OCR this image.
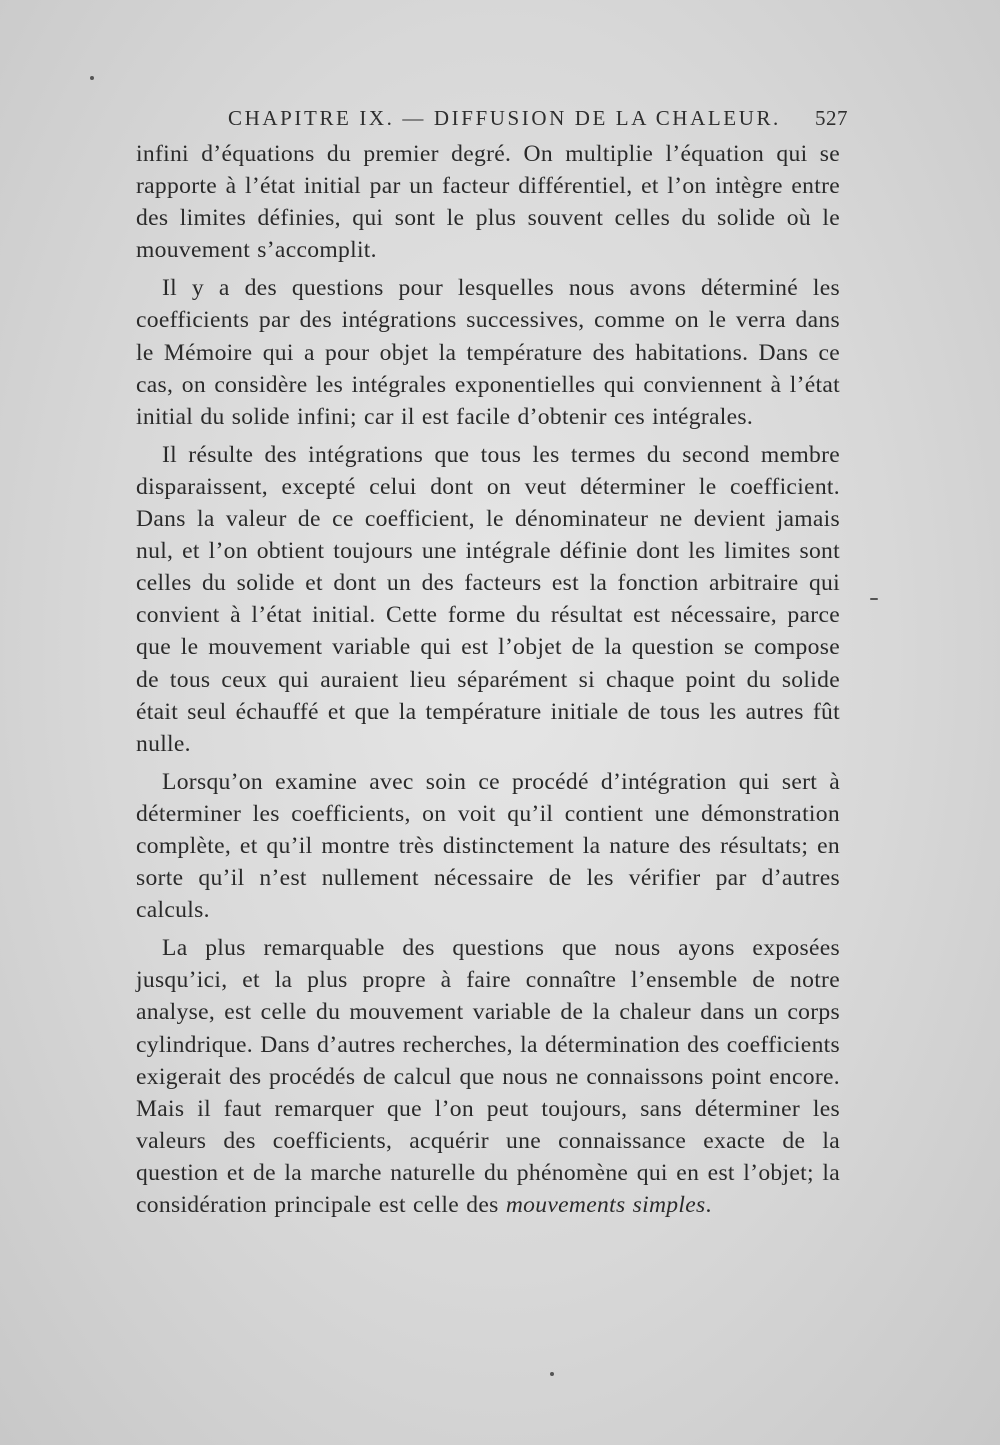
CHAPITRE IX. — DIFFUSION DE LA CHALEUR. 527

infini d’équations du premier degré. On multiplie l’équation qui se rapporte à l’état initial par un facteur différentiel, et l’on intègre entre des limites définies, qui sont le plus souvent celles du solide où le mouvement s’accomplit.

Il y a des questions pour lesquelles nous avons déterminé les coefficients par des intégrations successives, comme on le verra dans le Mémoire qui a pour objet la température des habitations. Dans ce cas, on considère les intégrales exponentielles qui conviennent à l’état initial du solide infini; car il est facile d’obtenir ces intégrales.

Il résulte des intégrations que tous les termes du second membre disparaissent, excepté celui dont on veut déterminer le coefficient. Dans la valeur de ce coefficient, le dénominateur ne devient jamais nul, et l’on obtient toujours une intégrale définie dont les limites sont celles du solide et dont un des facteurs est la fonction arbitraire qui convient à l’état initial. Cette forme du résultat est nécessaire, parce que le mouvement variable qui est l’objet de la question se compose de tous ceux qui auraient lieu séparément si chaque point du solide était seul échauffé et que la température initiale de tous les autres fût nulle.

Lorsqu’on examine avec soin ce procédé d’intégration qui sert à déterminer les coefficients, on voit qu’il contient une démonstration complète, et qu’il montre très distinctement la nature des résultats; en sorte qu’il n’est nullement nécessaire de les vérifier par d’autres calculs.

La plus remarquable des questions que nous ayons exposées jusqu’ici, et la plus propre à faire connaître l’ensemble de notre analyse, est celle du mouvement variable de la chaleur dans un corps cylindrique. Dans d’autres recherches, la détermination des coefficients exigerait des procédés de calcul que nous ne connaissons point encore. Mais il faut remarquer que l’on peut toujours, sans déterminer les valeurs des coefficients, acquérir une connaissance exacte de la question et de la marche naturelle du phénomène qui en est l’objet; la considération principale est celle des mouvements simples.
